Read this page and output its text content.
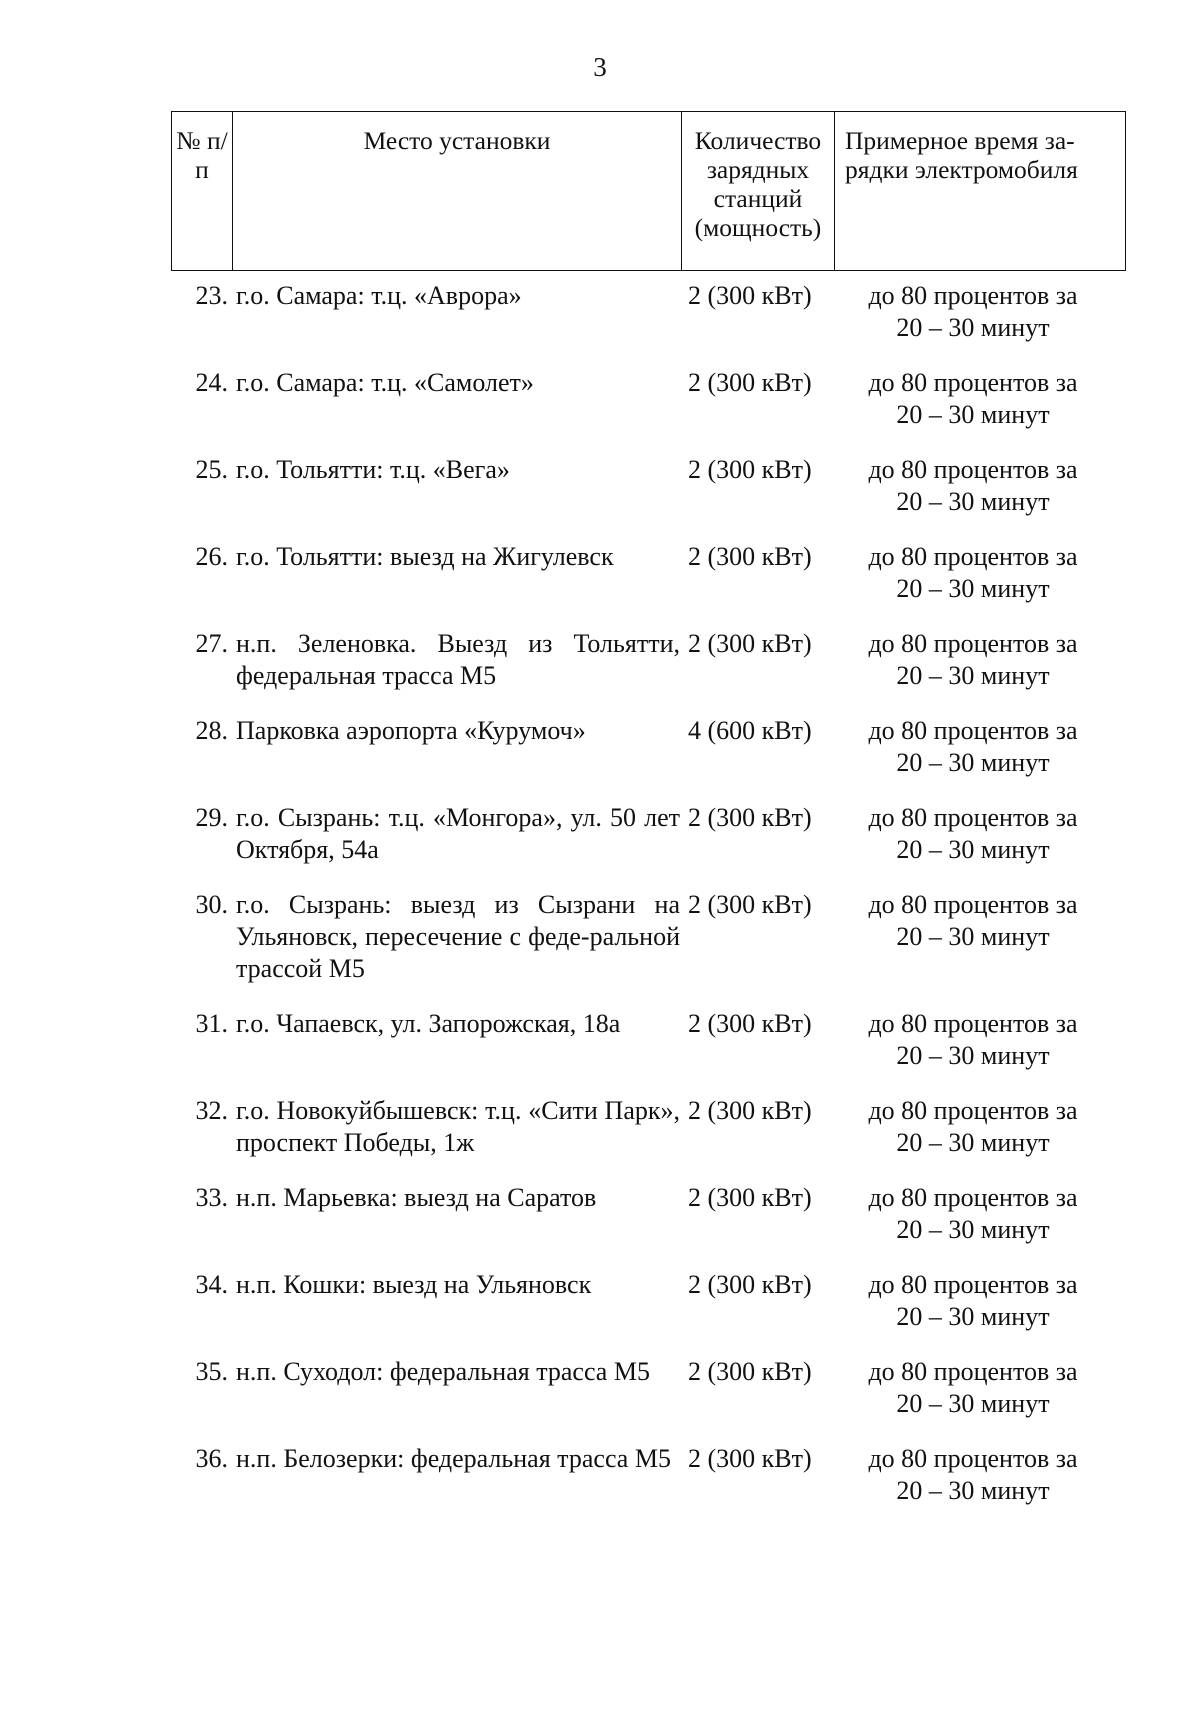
3
№ п/п	Место установки	Количество зарядных станций (мощность)	Примерное время за-рядки электромобиля
23. г.о. Самара: т.ц. «Аврора»	2 (300 кВт)	до 80 процентов за
20 – 30 минут
24. г.о. Самара: т.ц. «Самолет»	2 (300 кВт)	до 80 процентов за
20 – 30 минут
25. г.о. Тольятти: т.ц. «Вега»	2 (300 кВт)	до 80 процентов за
20 – 30 минут
26. г.о. Тольятти: выезд на Жигулевск	2 (300 кВт)	до 80 процентов за
20 – 30 минут
27. н.п. Зеленовка. Выезд из Тольятти, федеральная трасса М5
2 (300 кВт)	до 80 процентов за
20 – 30 минут
28. Парковка аэропорта «Курумоч»	4 (600 кВт)	до 80 процентов за
20 – 30 минут
29. г.о. Сызрань: т.ц. «Монгора», ул. 50 лет Октября, 54а
2 (300 кВт)	до 80 процентов за
20 – 30 минут
30. г.о. Сызрань: выезд из Сызрани на Ульяновск, пересечение с феде-ральной трассой М5
2 (300 кВт)	до 80 процентов за
20 – 30 минут
31. г.о. Чапаевск, ул. Запорожская, 18а	2 (300 кВт)	до 80 процентов за
20 – 30 минут
32. г.о. Новокуйбышевск: т.ц. «Сити Парк», проспект Победы, 1ж
2 (300 кВт)	до 80 процентов за
20 – 30 минут
33. н.п. Марьевка: выезд на Саратов	2 (300 кВт)	до 80 процентов за
20 – 30 минут
34. н.п. Кошки: выезд на Ульяновск	2 (300 кВт)	до 80 процентов за
20 – 30 минут
35. н.п. Суходол: федеральная трасса М5	2 (300 кВт)	до 80 процентов за
20 – 30 минут
36. н.п. Белозерки: федеральная трасса М5 2 (300 кВт)	до 80 процентов за
20 – 30 минут
